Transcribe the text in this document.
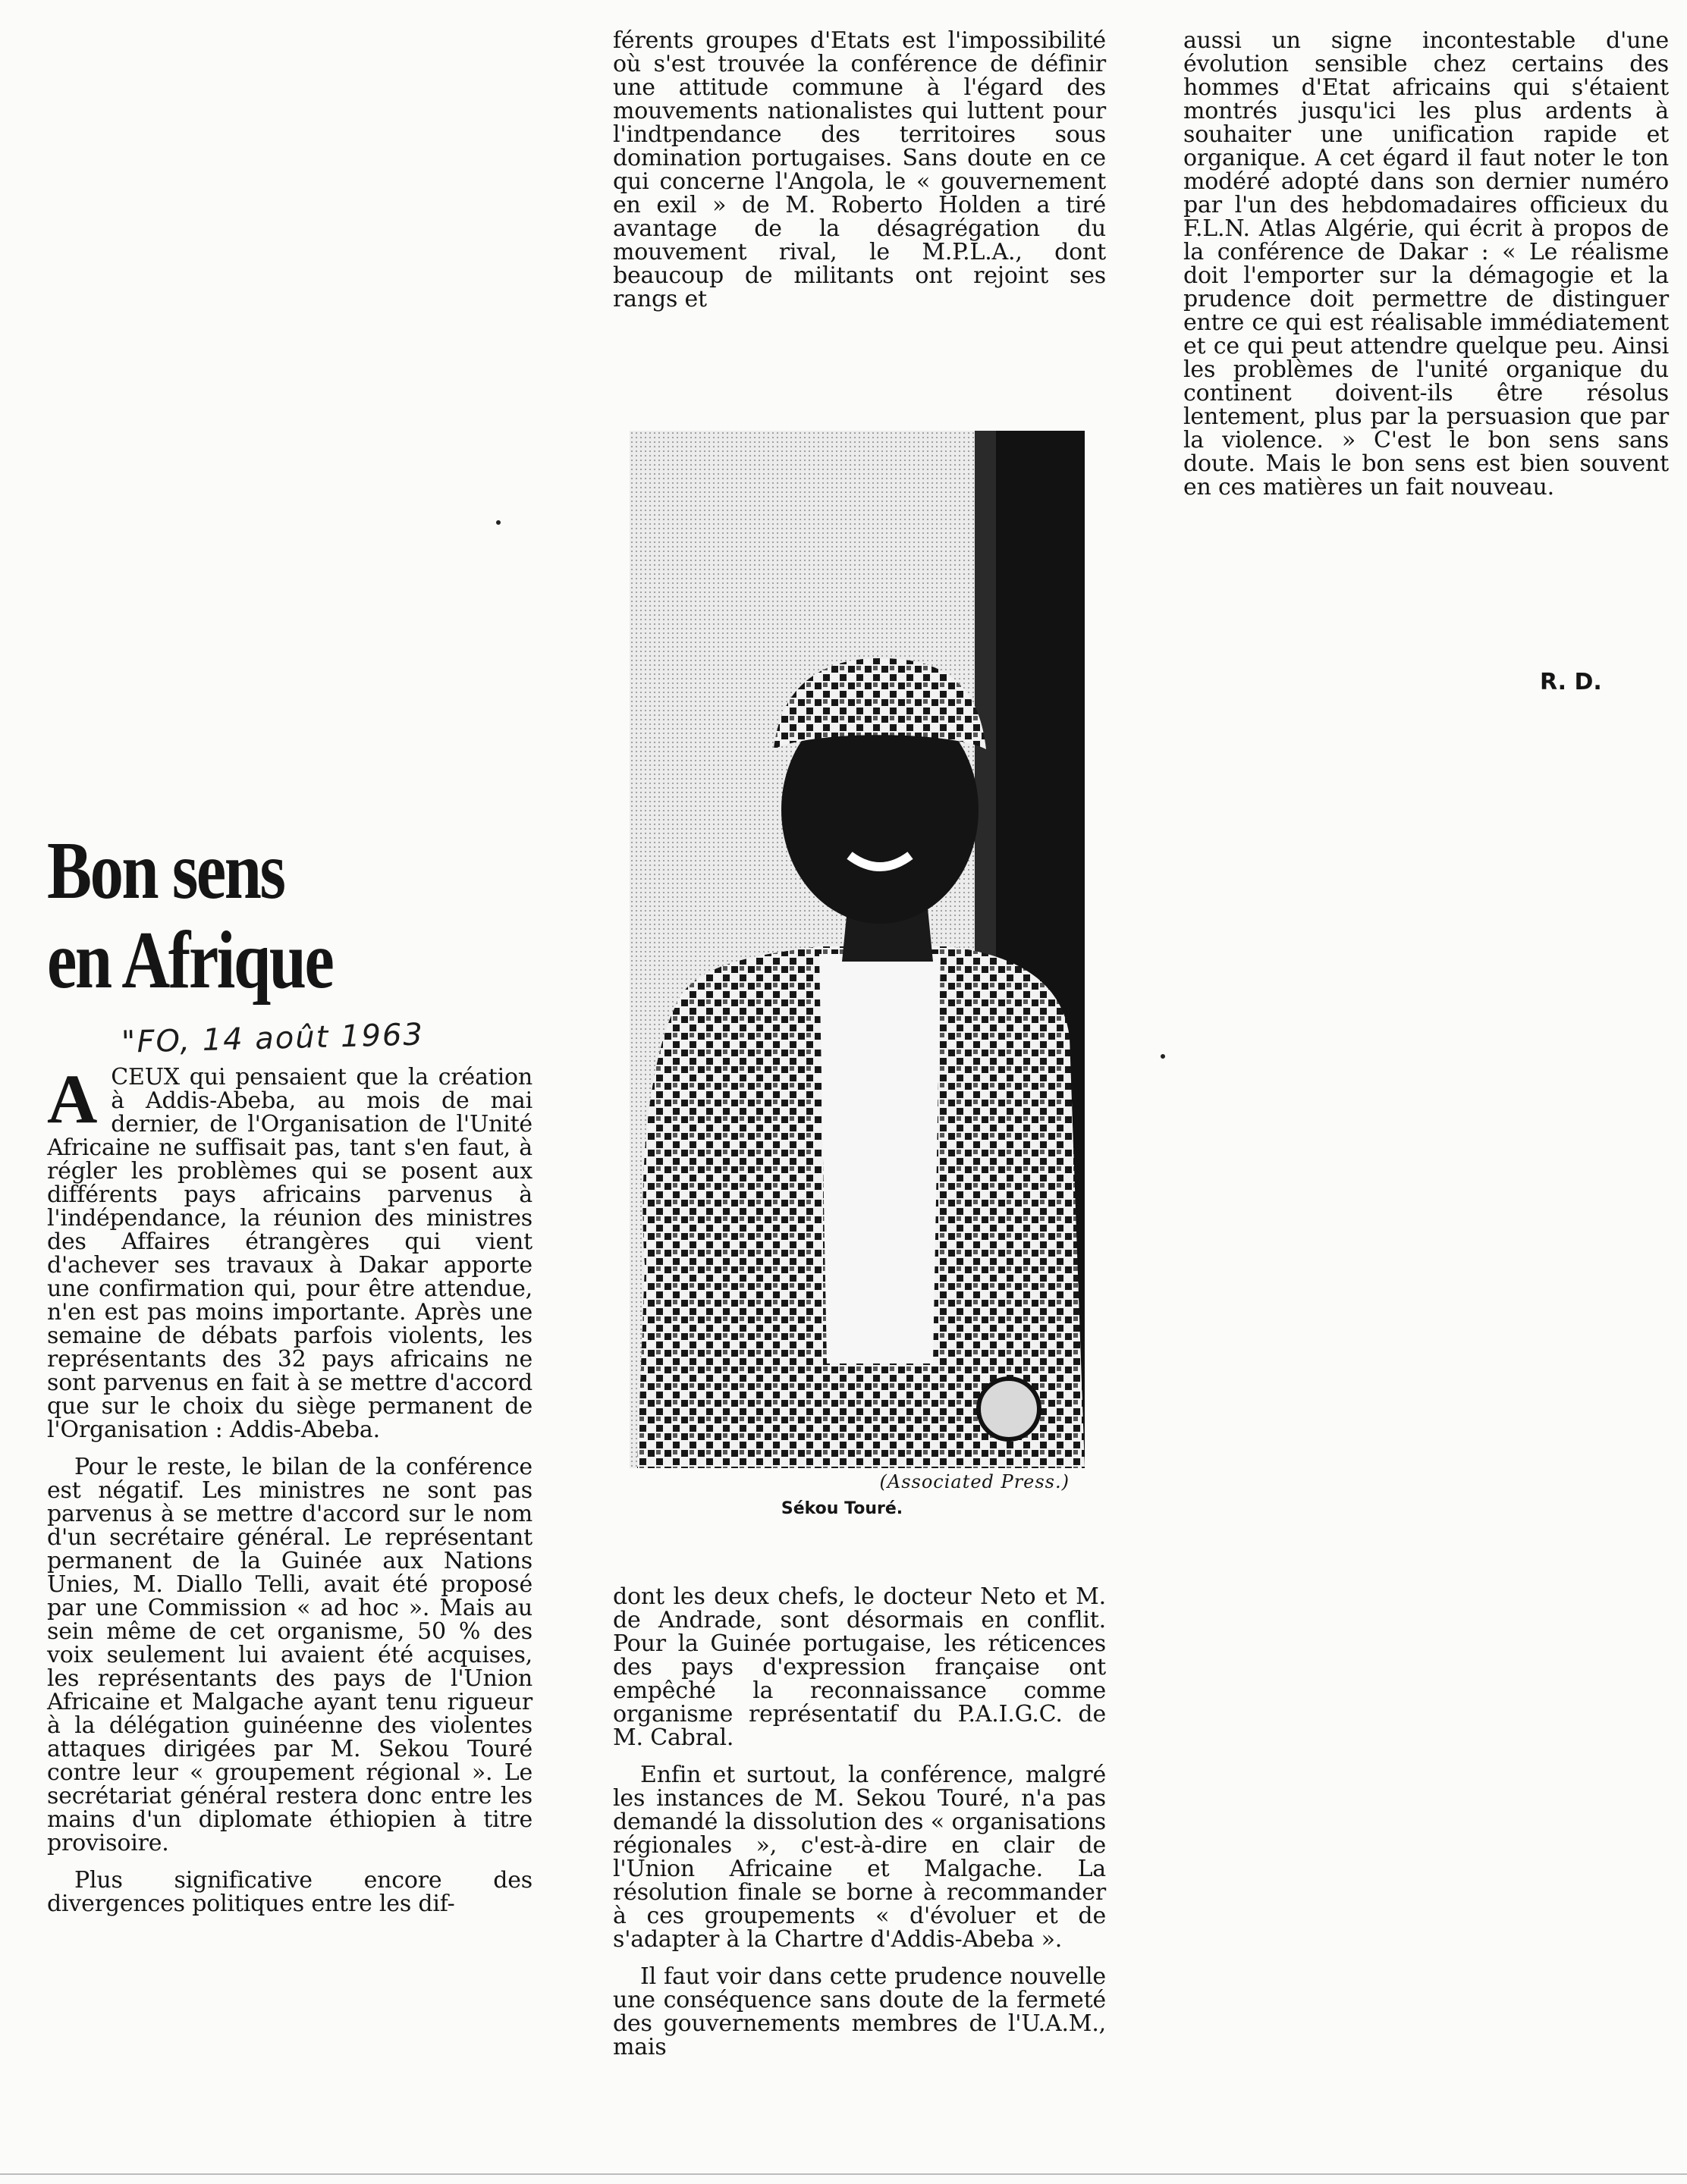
férents groupes d'Etats est l'impossibilité où s'est trouvée la conférence de définir une attitude commune à l'égard des mouvements nationalistes qui luttent pour l'indtpendance des territoires sous domination portugaises. Sans doute en ce qui concerne l'Angola, le « gouvernement en exil » de M. Roberto Holden a tiré avantage de la désagrégation du mouvement rival, le M.P.L.A., dont beaucoup de militants ont rejoint ses rangs et

aussi un signe incontestable d'une évolution sensible chez certains des hommes d'Etat africains qui s'étaient montrés jusqu'ici les plus ardents à souhaiter une unification rapide et organique. A cet égard il faut noter le ton modéré adopté dans son dernier numéro par l'un des hebdomadaires officieux du F.L.N. Atlas Algérie, qui écrit à propos de la conférence de Dakar : « Le réalisme doit l'emporter sur la démagogie et la prudence doit permettre de distinguer entre ce qui est réalisable immédiatement et ce qui peut attendre quelque peu. Ainsi les problèmes de l'unité organique du continent doivent-ils être résolus lentement, plus par la persuasion que par la violence. » C'est le bon sens sans doute. Mais le bon sens est bien souvent en ces matières un fait nouveau.

R. D.
Bon sens
en Afrique
"FO, 14 août 1963

ACEUX qui pensaient que la création à Addis-Abeba, au mois de mai dernier, de l'Organisation de l'Unité Africaine ne suffisait pas, tant s'en faut, à régler les problèmes qui se posent aux différents pays africains parvenus à l'indépendance, la réunion des ministres des Affaires étrangères qui vient d'achever ses travaux à Dakar apporte une confirmation qui, pour être attendue, n'en est pas moins importante. Après une semaine de débats parfois violents, les représentants des 32 pays africains ne sont parvenus en fait à se mettre d'accord que sur le choix du siège permanent de l'Organisation : Addis-Abeba.

Pour le reste, le bilan de la conférence est négatif. Les ministres ne sont pas parvenus à se mettre d'accord sur le nom d'un secrétaire général. Le représentant permanent de la Guinée aux Nations Unies, M. Diallo Telli, avait été proposé par une Commission « ad hoc ». Mais au sein même de cet organisme, 50 % des voix seulement lui avaient été acquises, les représentants des pays de l'Union Africaine et Malgache ayant tenu rigueur à la délégation guinéenne des violentes attaques dirigées par M. Sekou Touré contre leur « groupement régional ». Le secrétariat général restera donc entre les mains d'un diplomate éthiopien à titre provisoire.

Plus significative encore des divergences politiques entre les dif-

(Associated Press.)
Sékou Touré.

dont les deux chefs, le docteur Neto et M. de Andrade, sont désormais en conflit. Pour la Guinée portugaise, les réticences des pays d'expression française ont empêché la reconnaissance comme organisme représentatif du P.A.I.G.C. de M. Cabral.

Enfin et surtout, la conférence, malgré les instances de M. Sekou Touré, n'a pas demandé la dissolution des « organisations régionales », c'est-à-dire en clair de l'Union Africaine et Malgache. La résolution finale se borne à recommander à ces groupements « d'évoluer et de s'adapter à la Chartre d'Addis-Abeba ».

Il faut voir dans cette prudence nouvelle une conséquence sans doute de la fermeté des gouvernements membres de l'U.A.M., mais
